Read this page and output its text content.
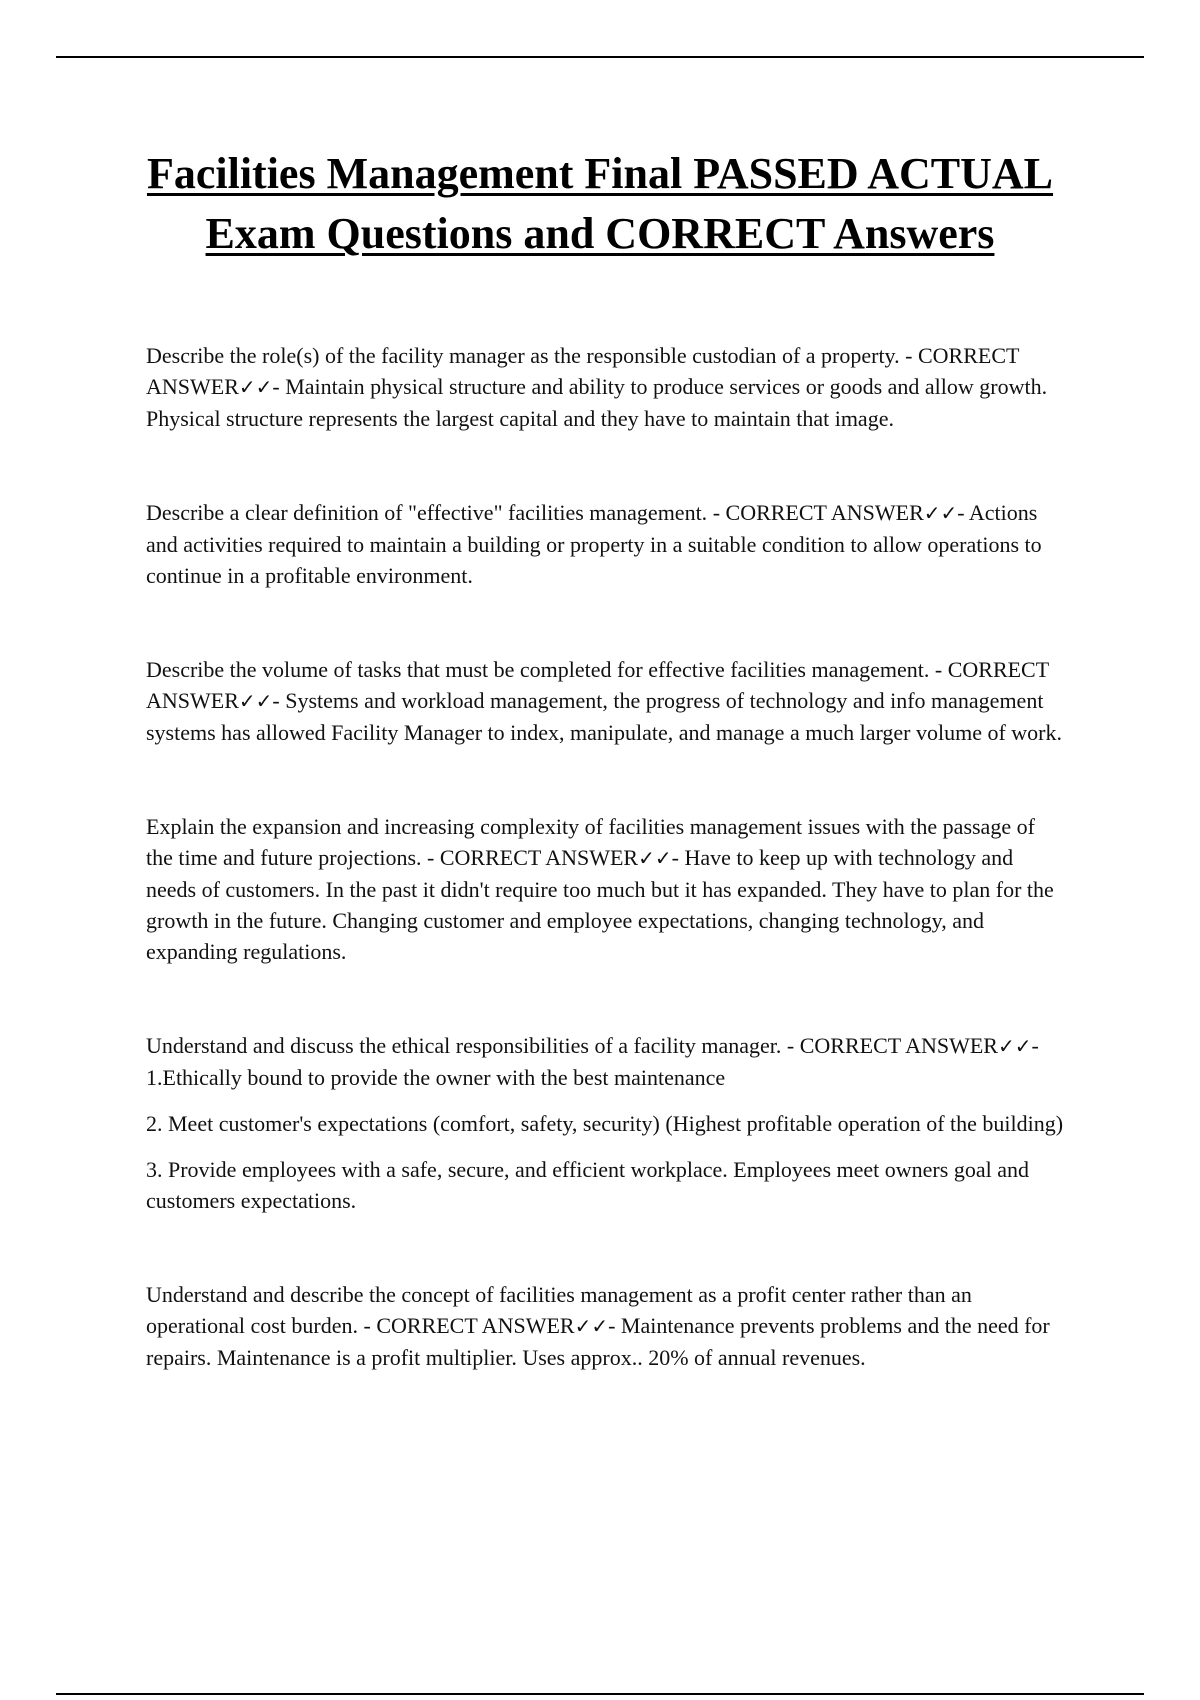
Facilities Management Final PASSED ACTUAL Exam Questions and CORRECT Answers

Describe the role(s) of the facility manager as the responsible custodian of a property. - CORRECT ANSWER✓✓- Maintain physical structure and ability to produce services or goods and allow growth. Physical structure represents the largest capital and they have to maintain that image.

Describe a clear definition of "effective" facilities management. - CORRECT ANSWER✓✓- Actions and activities required to maintain a building or property in a suitable condition to allow operations to continue in a profitable environment.

Describe the volume of tasks that must be completed for effective facilities management. - CORRECT ANSWER✓✓- Systems and workload management, the progress of technology and info management systems has allowed Facility Manager to index, manipulate, and manage a much larger volume of work.

Explain the expansion and increasing complexity of facilities management issues with the passage of the time and future projections. - CORRECT ANSWER✓✓- Have to keep up with technology and needs of customers. In the past it didn't require too much but it has expanded. They have to plan for the growth in the future. Changing customer and employee expectations, changing technology, and expanding regulations.

Understand and discuss the ethical responsibilities of a facility manager. - CORRECT ANSWER✓✓- 1.Ethically bound to provide the owner with the best maintenance

2. Meet customer's expectations (comfort, safety, security) (Highest profitable operation of the building)

3. Provide employees with a safe, secure, and efficient workplace. Employees meet owners goal and customers expectations.

Understand and describe the concept of facilities management as a profit center rather than an operational cost burden. - CORRECT ANSWER✓✓- Maintenance prevents problems and the need for repairs. Maintenance is a profit multiplier. Uses approx.. 20% of annual revenues.
